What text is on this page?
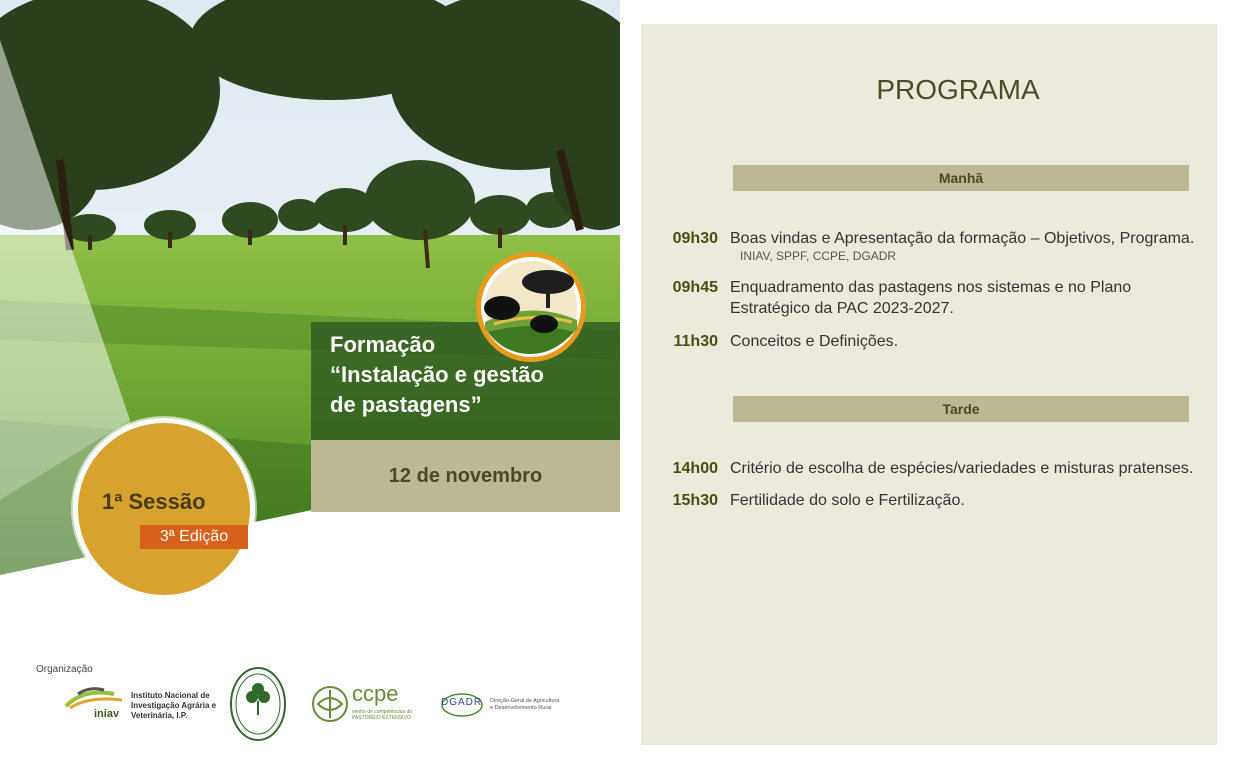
Formação
“Instalação e gestão
de pastagens”
12 de novembro
1ª Sessão
3ª Edição
Organização
iniav
Instituto Nacional de
Investigação Agrária e
Veterinária, I.P.
ccpe
centro de competências do
PASTOREIO EXTENSIVO
DGADR Direção-Geral de Agricultura
e Desenvolvimento Rural
PROGRAMA
Manhã
09h30 Boas vindas e Apresentação da formação – Objetivos, Programa.
INIAV, SPPF, CCPE, DGADR
09h45 Enquadramento das pastagens nos sistemas e no Plano
Estratégico da PAC 2023-2027.
11h30 Conceitos e Definições.
Tarde
14h00 Critério de escolha de espécies/variedades e misturas pratenses.
15h30 Fertilidade do solo e Fertilização.
